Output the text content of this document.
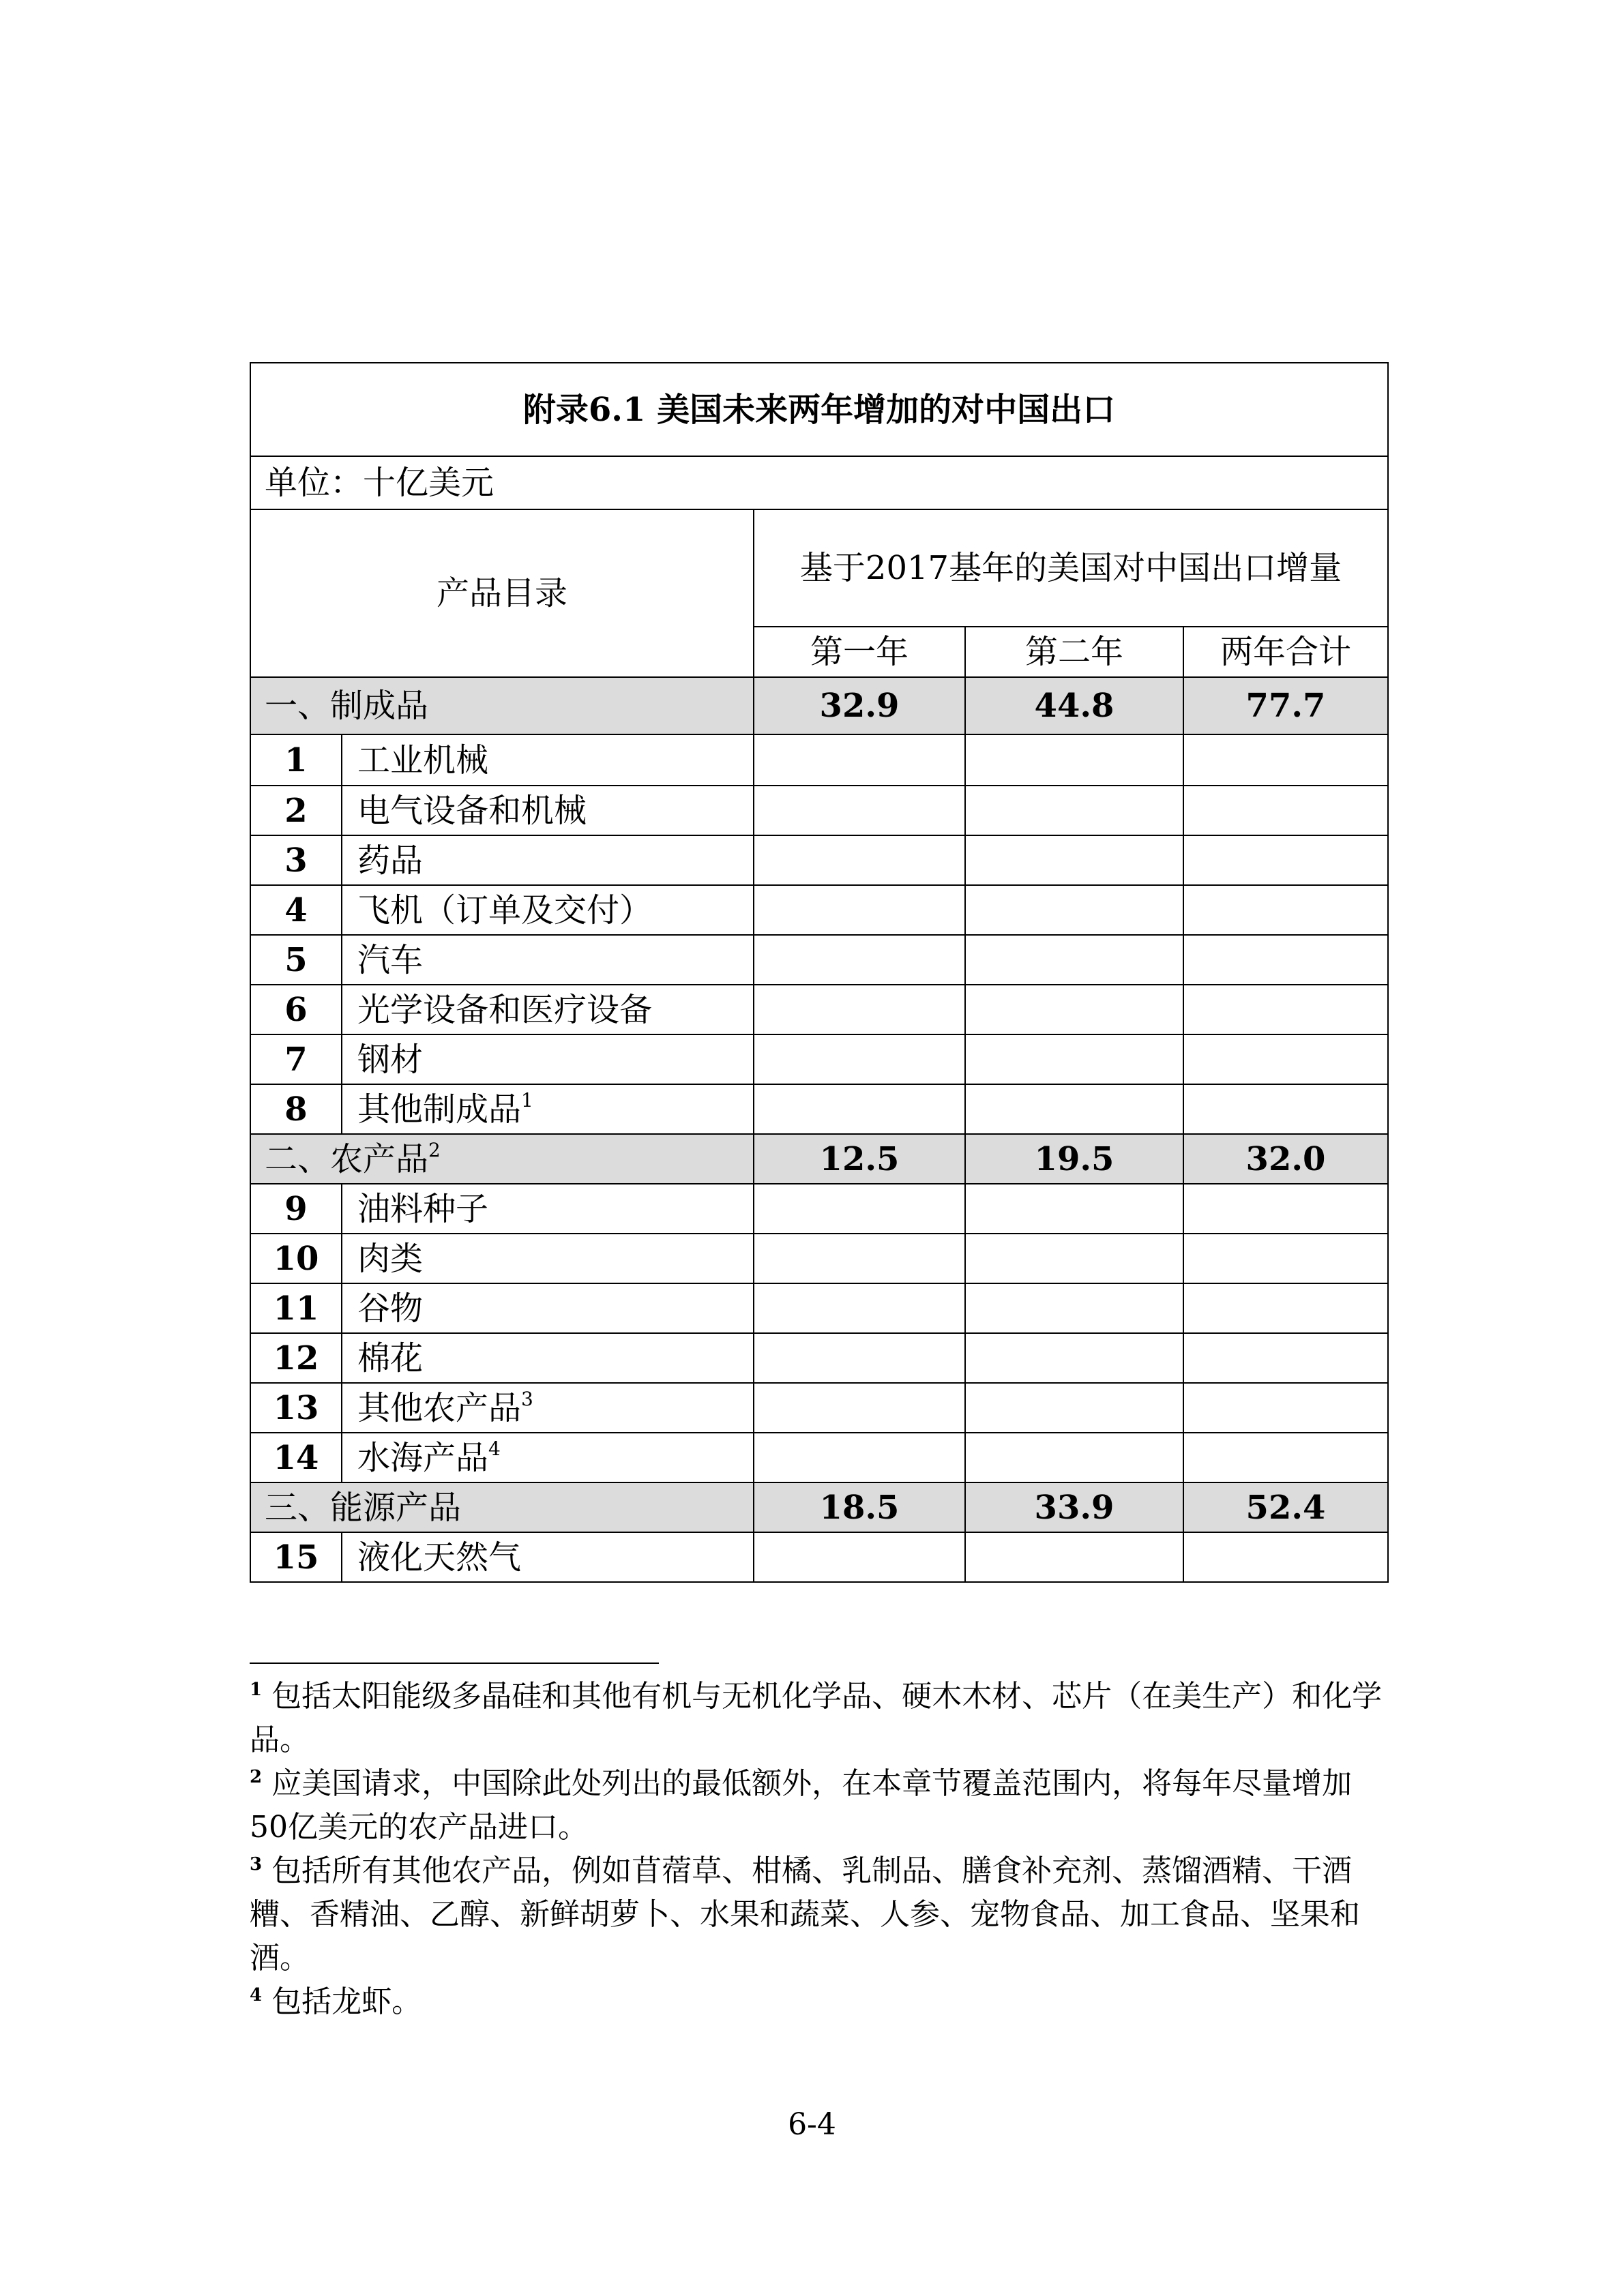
附录6.1 美国未来两年增加的对中国出口				
单位：十亿美元				
产品目录		基于2017基年的美国对中国出口增量		
		第一年	第二年	两年合计
一、制成品		32.9	44.8	77.7
1	工业机械			
2	电气设备和机械			
3	药品			
4	飞机（订单及交付）			
5	汽车			
6	光学设备和医疗设备			
7	钢材			
8	其他制成品$^1$			
二、农产品$^2$		12.5	19.5	32.0
9	油料种子			
10	肉类			
11	谷物			
12	棉花			
13	其他农产品$^3$			
14	水海产品$^4$			
三、能源产品		18.5	33.9	52.4
15	液化天然气			

$^1$ 包括太阳能级多晶硅和其他有机与无机化学品、硬木木材、芯片（在美生产）和化学品。

$^2$ 应美国请求，中国除此处列出的最低额外，在本章节覆盖范围内，将每年尽量增加50亿美元的农产品进口。

$^3$ 包括所有其他农产品，例如苜蓿草、柑橘、乳制品、膳食补充剂、蒸馏酒精、干酒糟、香精油、乙醇、新鲜胡萝卜、水果和蔬菜、人参、宠物食品、加工食品、坚果和酒。

$^4$ 包括龙虾。

6-4
